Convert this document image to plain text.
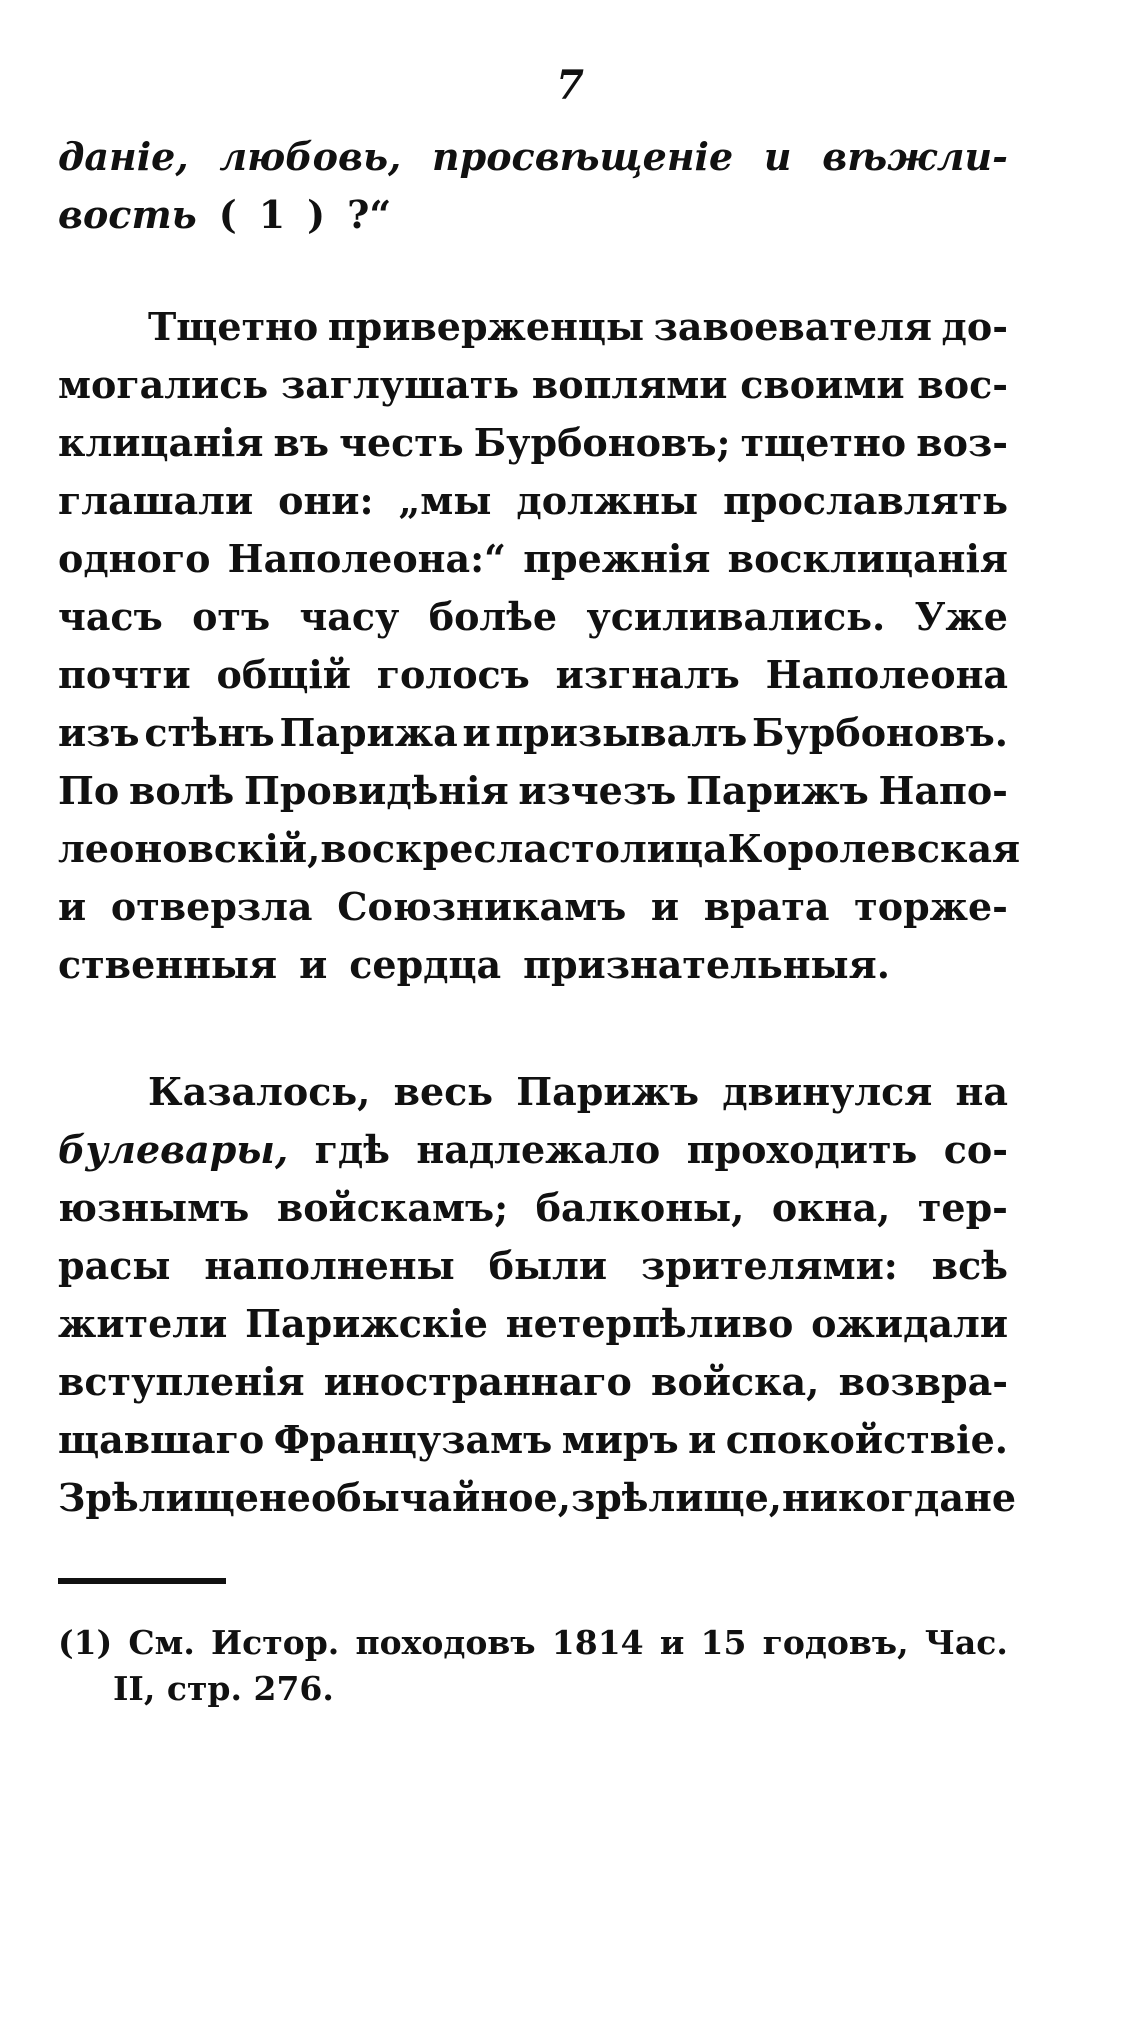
7
данiе, любовь, просвѣщенiе и вѣжли-
вость ( 1 ) ?“
Тщетно приверженцы завоевателя до-
могались заглушать воплями своими вос-
клицанiя въ честь Бурбоновъ; тщетно воз-
глашали они: „мы должны прославлять
одного Наполеона:“ прежнiя восклицанiя
часъ отъ часу болѣе усиливались. Уже
почти общiй голосъ изгналъ Наполеона
изъ стѣнъ Парижа и призывалъ Бурбоновъ.
По волѣ Провидѣнiя изчезъ Парижъ Напо-
леоновскiй, воскресла столица Королевская
и отверзла Союзникамъ и врата торже-
ственныя и сердца признательныя.
Казалось, весь Парижъ двинулся на
булевары, гдѣ надлежало проходить со-
юзнымъ войскамъ; балконы, окна, тер-
расы наполнены были зрителями: всѣ
жители Парижскiе нетерпѣливо ожидали
вступленiя иностраннаго войска, возвра-
щавшаго Французамъ миръ и спокойствiе.
Зрѣлище необычайное, зрѣлище, никогда не
(1) См. Истор. походовъ 1814 и 15 годовъ, Час.
II,
стр.
276.
